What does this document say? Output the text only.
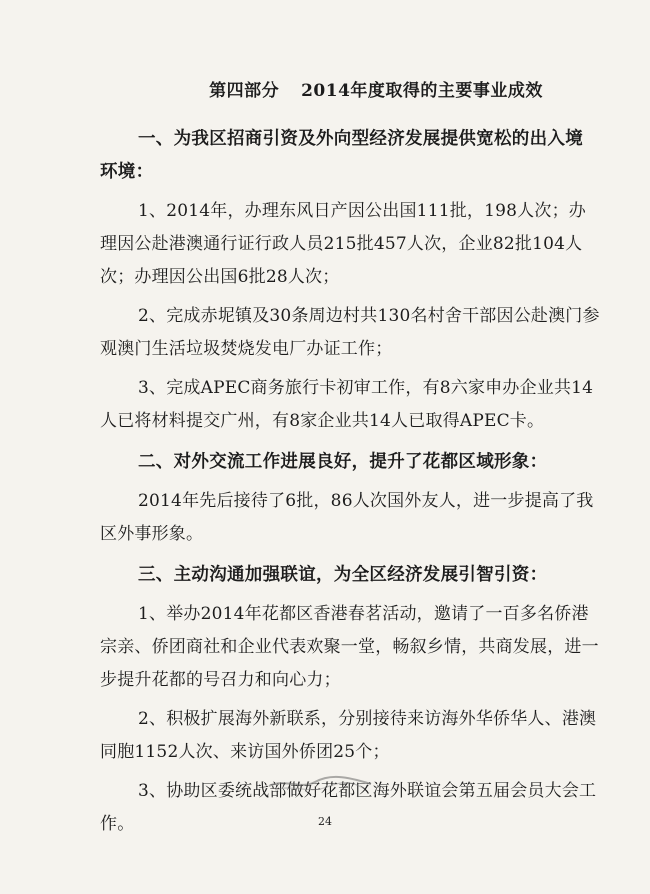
第四部分 2014年度取得的主要事业成效

一、为我区招商引资及外向型经济发展提供宽松的出入境环境：

1、2014年，办理东风日产因公出国111批，198人次；办理因公赴港澳通行证行政人员215批457人次，企业82批104人次；办理因公出国6批28人次；

2、完成赤坭镇及30条周边村共130名村舍干部因公赴澳门参观澳门生活垃圾焚烧发电厂办证工作；

3、完成APEC商务旅行卡初审工作，有8六家申办企业共14人已将材料提交广州，有8家企业共14人已取得APEC卡。

二、对外交流工作进展良好，提升了花都区域形象：

2014年先后接待了6批，86人次国外友人，进一步提高了我区外事形象。

三、主动沟通加强联谊，为全区经济发展引智引资：

1、举办2014年花都区香港春茗活动，邀请了一百多名侨港宗亲、侨团商社和企业代表欢聚一堂，畅叙乡情，共商发展，进一步提升花都的号召力和向心力；

2、积极扩展海外新联系，分别接待来访海外华侨华人、港澳同胞1152人次、来访国外侨团25个；

3、协助区委统战部做好花都区海外联谊会第五届会员大会工作。	24
